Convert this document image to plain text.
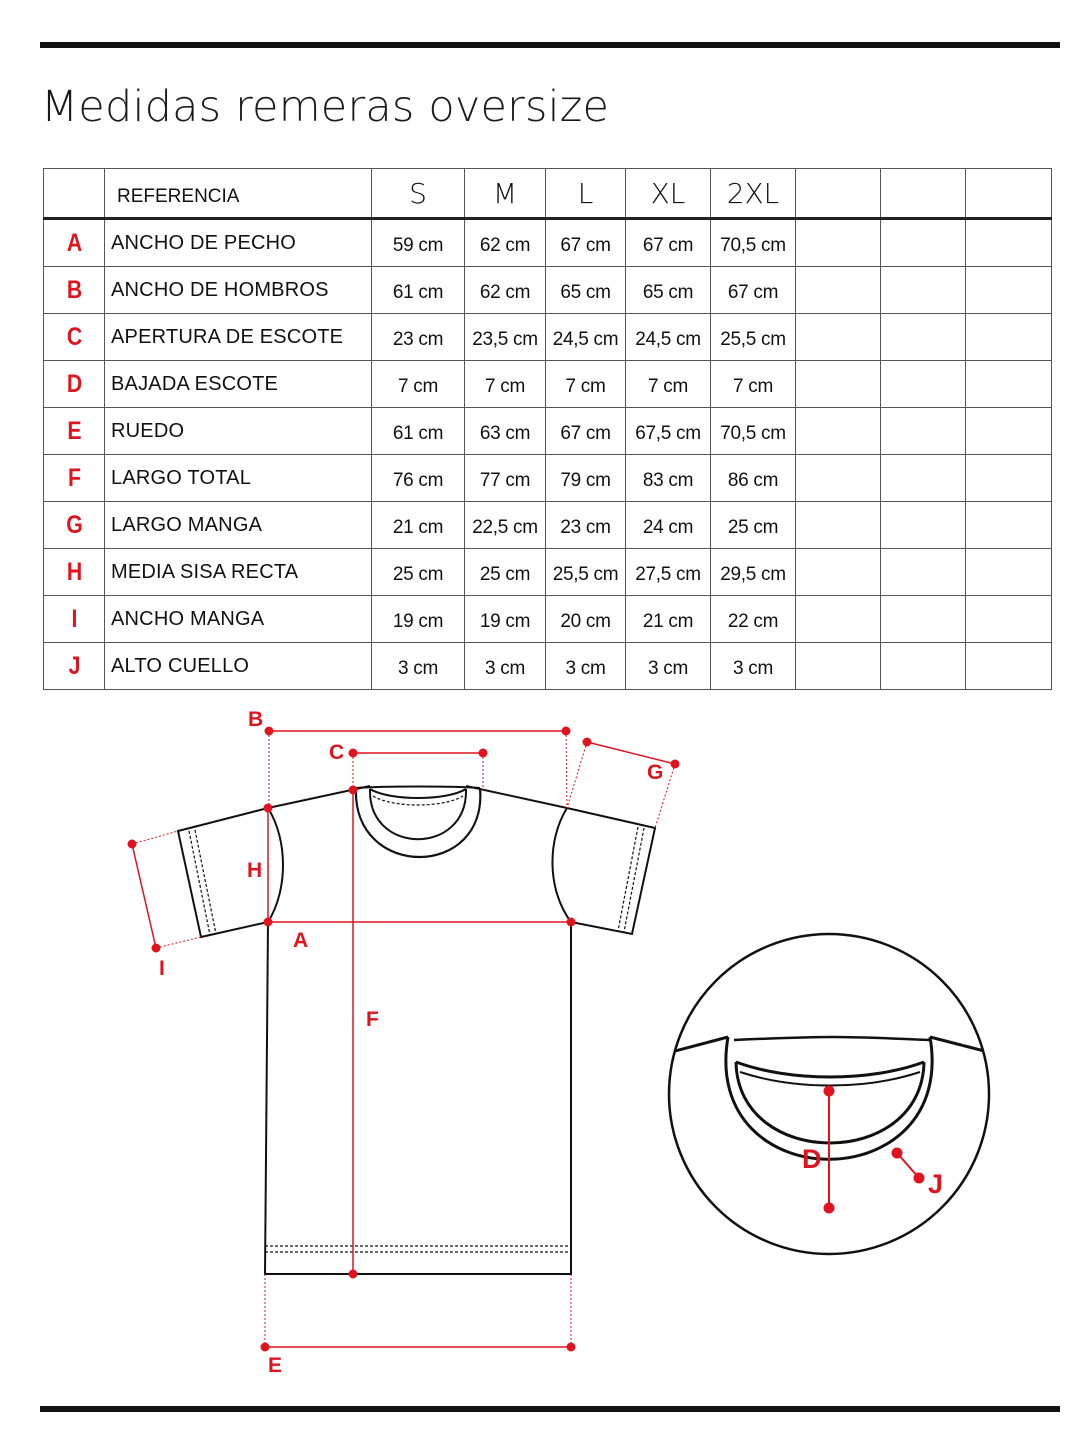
Medidas remeras oversize
	REFERENCIA	S	M	L	XL	2XL			
A	ANCHO DE PECHO	59 cm	62 cm	67 cm	67 cm	70,5 cm			
B	ANCHO DE HOMBROS	61 cm	62 cm	65 cm	65 cm	67 cm			
C	APERTURA DE ESCOTE	23 cm	23,5 cm	24,5 cm	24,5 cm	25,5 cm			
D	BAJADA ESCOTE	7 cm	7 cm	7 cm	7 cm	7 cm			
E	RUEDO	61 cm	63 cm	67 cm	67,5 cm	70,5 cm			
F	LARGO TOTAL	76 cm	77 cm	79 cm	83 cm	86 cm			
G	LARGO MANGA	21 cm	22,5 cm	23 cm	24 cm	25 cm			
H	MEDIA SISA RECTA	25 cm	25 cm	25,5 cm	27,5 cm	29,5 cm			
I	ANCHO MANGA	19 cm	19 cm	20 cm	21 cm	22 cm			
J	ALTO CUELLO	3 cm	3 cm	3 cm	3 cm	3 cm			
B
C
G
H
A
I
F
E
D
J
